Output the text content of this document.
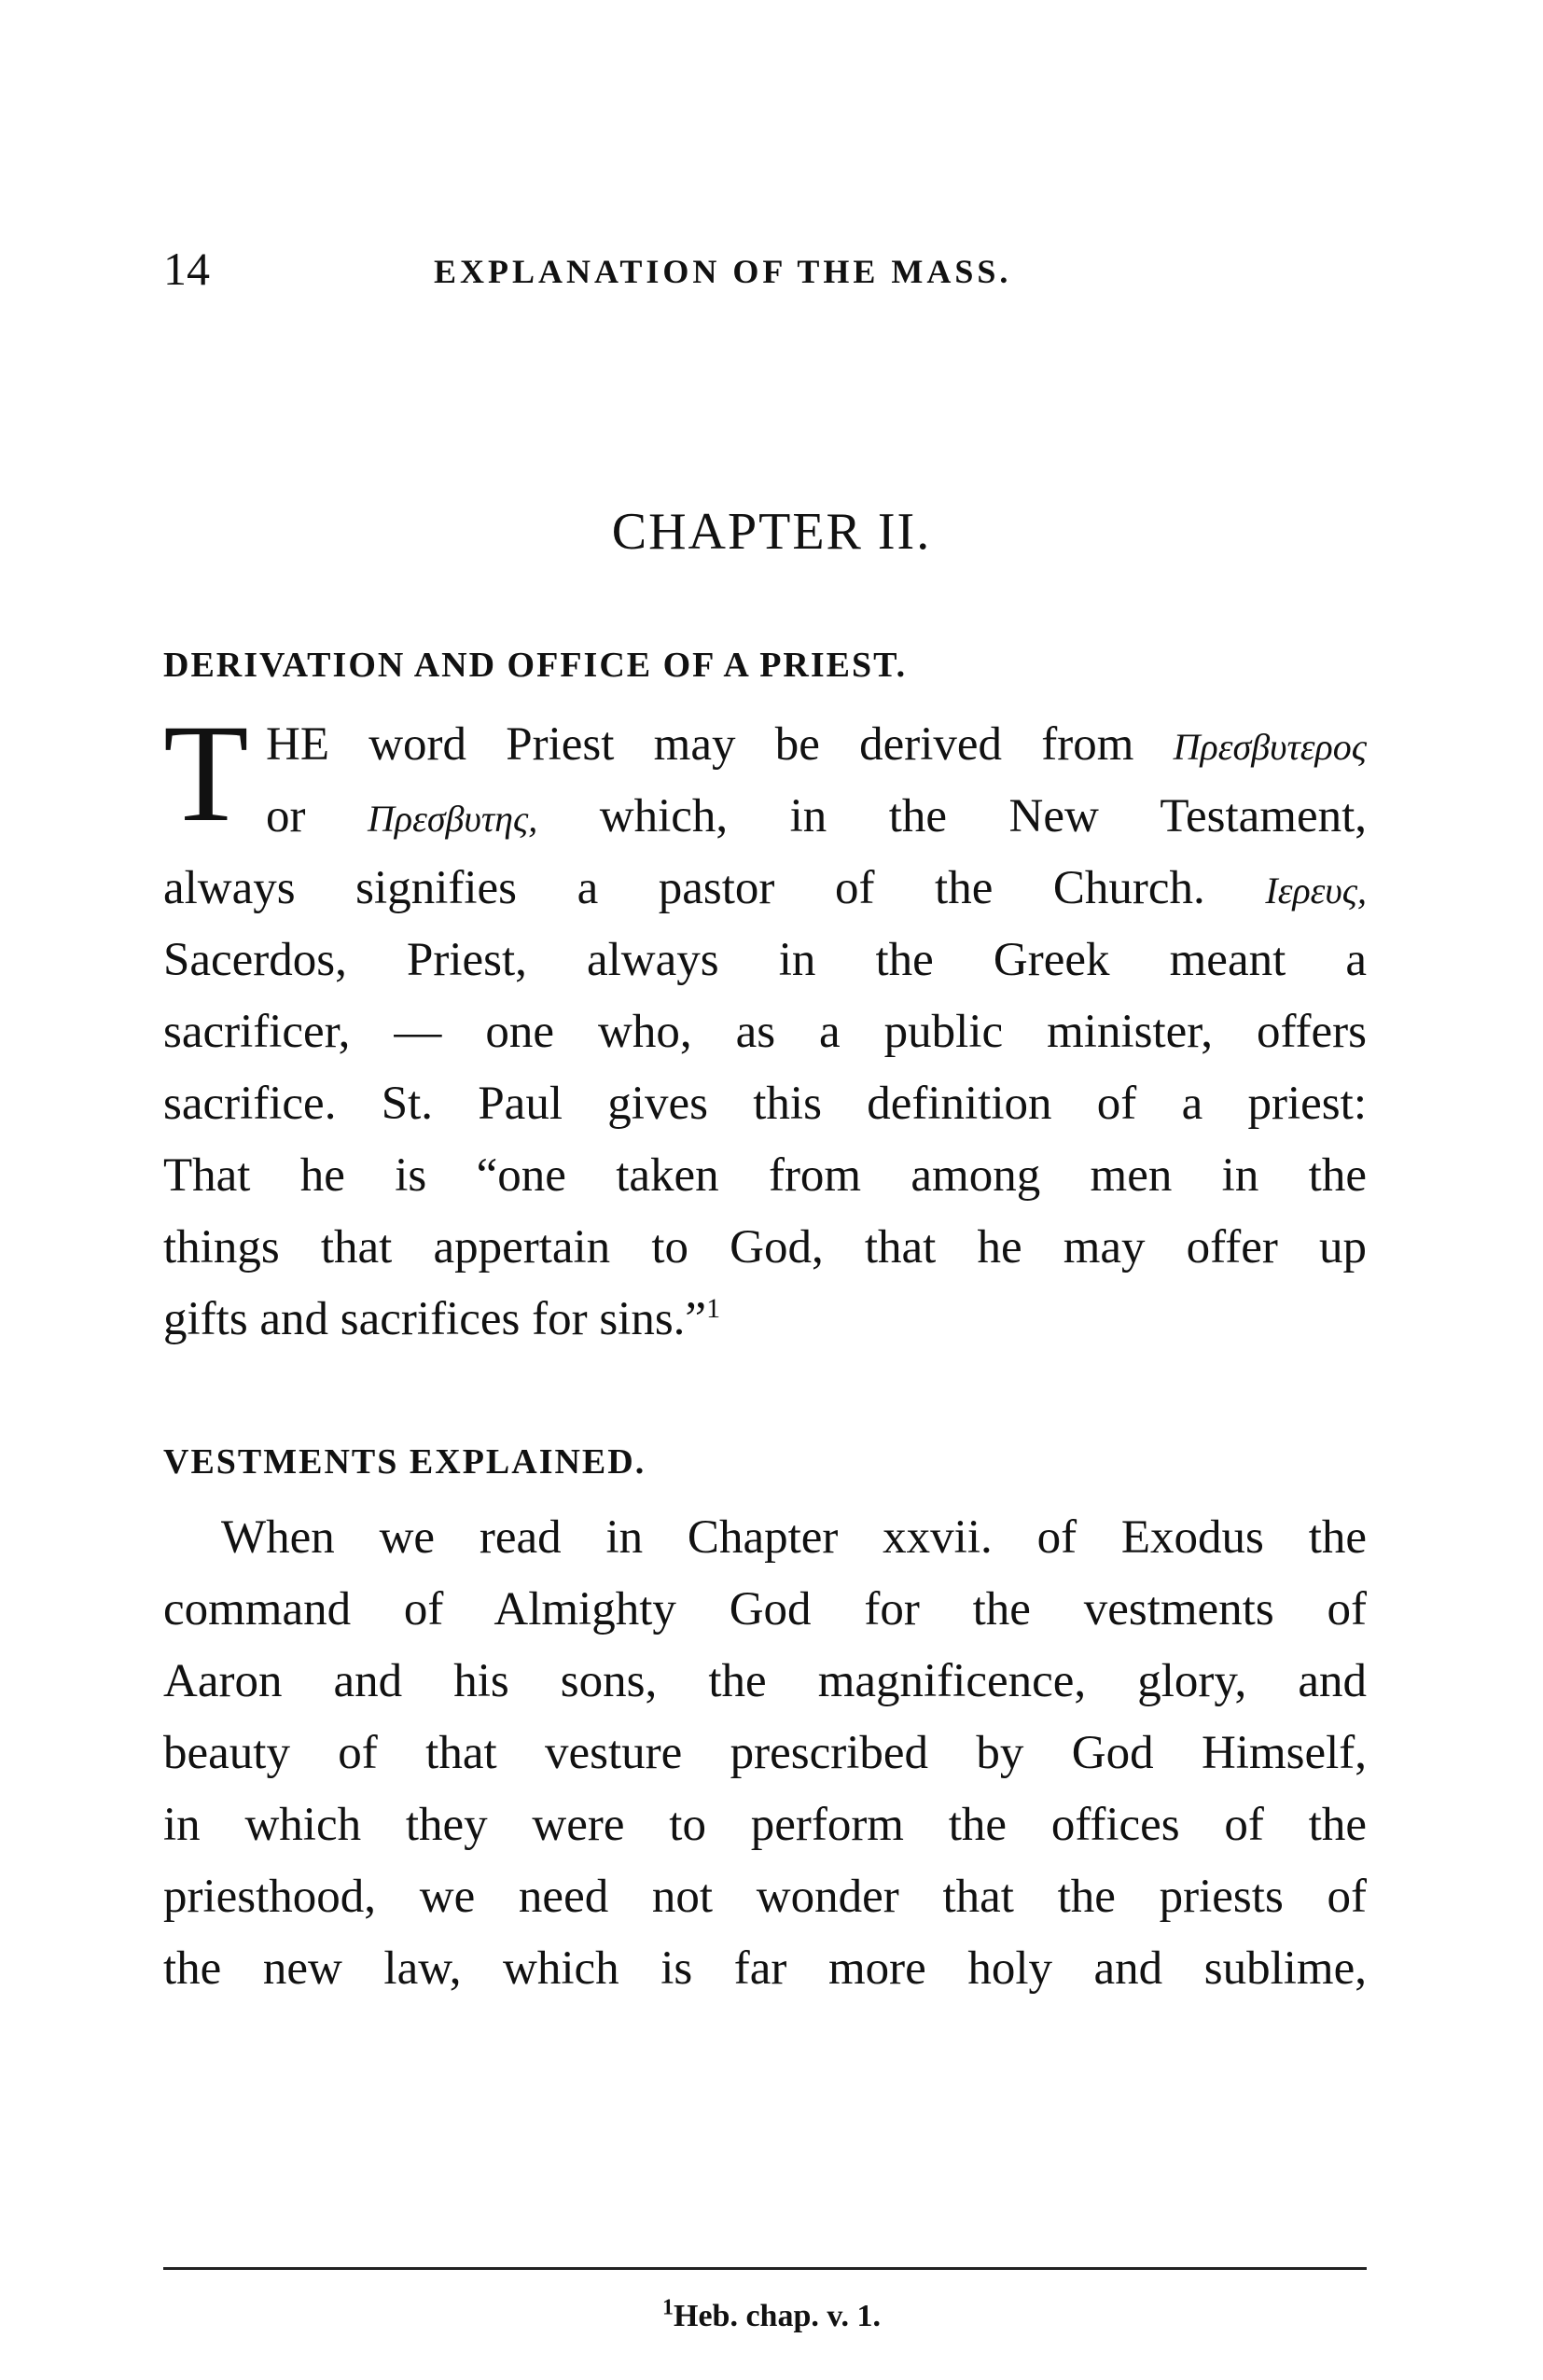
14	EXPLANATION OF THE MASS.
CHAPTER II.
DERIVATION AND OFFICE OF A PRIEST.
T HE word Priest may be derived from Πρεσβυτερος
or Πρεσβυτης, which, in the New Testament,
always signifies a pastor of the Church. Ιερευς,
Sacerdos, Priest, always in the Greek meant a
sacrificer, — one who, as a public minister, offers
sacrifice. St. Paul gives this definition of a priest:
That he is “one taken from among men in the
things that appertain to God, that he may offer up
gifts and sacrifices for sins.”$^1$
VESTMENTS EXPLAINED.
When we read in Chapter xxvii. of Exodus the
command of Almighty God for the vestments of
Aaron and his sons, the magnificence, glory, and
beauty of that vesture prescribed by God Himself,
in which they were to perform the offices of the
priesthood, we need not wonder that the priests of
the new law, which is far more holy and sublime,
$^1$Heb. chap. v. 1.
